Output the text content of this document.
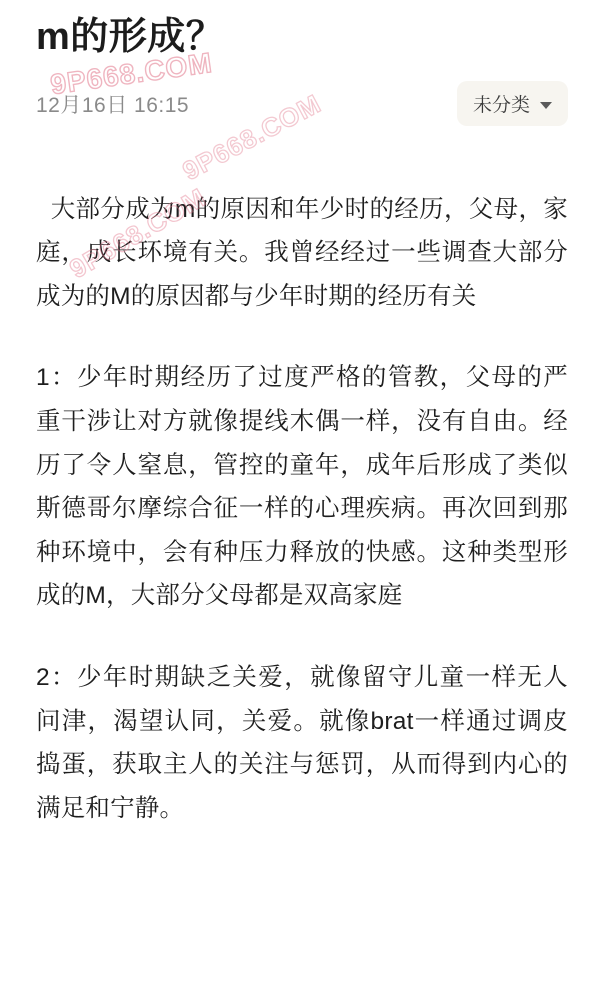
m的形成？
12月16日 16:15	未分类

大部分成为m的原因和年少时的经历，父母，家庭，成长环境有关。我曾经经过一些调查大部分成为的M的原因都与少年时期的经历有关

1：少年时期经历了过度严格的管教，父母的严重干涉让对方就像提线木偶一样，没有自由。经历了令人窒息，管控的童年，成年后形成了类似斯德哥尔摩综合征一样的心理疾病。再次回到那种环境中，会有种压力释放的快感。这种类型形成的M，大部分父母都是双高家庭

2：少年时期缺乏关爱，就像留守儿童一样无人问津，渴望认同，关爱。就像brat一样通过调皮捣蛋，获取主人的关注与惩罚，从而得到内心的满足和宁静。

9P668.COM
9P668.COM
9P668.COM
